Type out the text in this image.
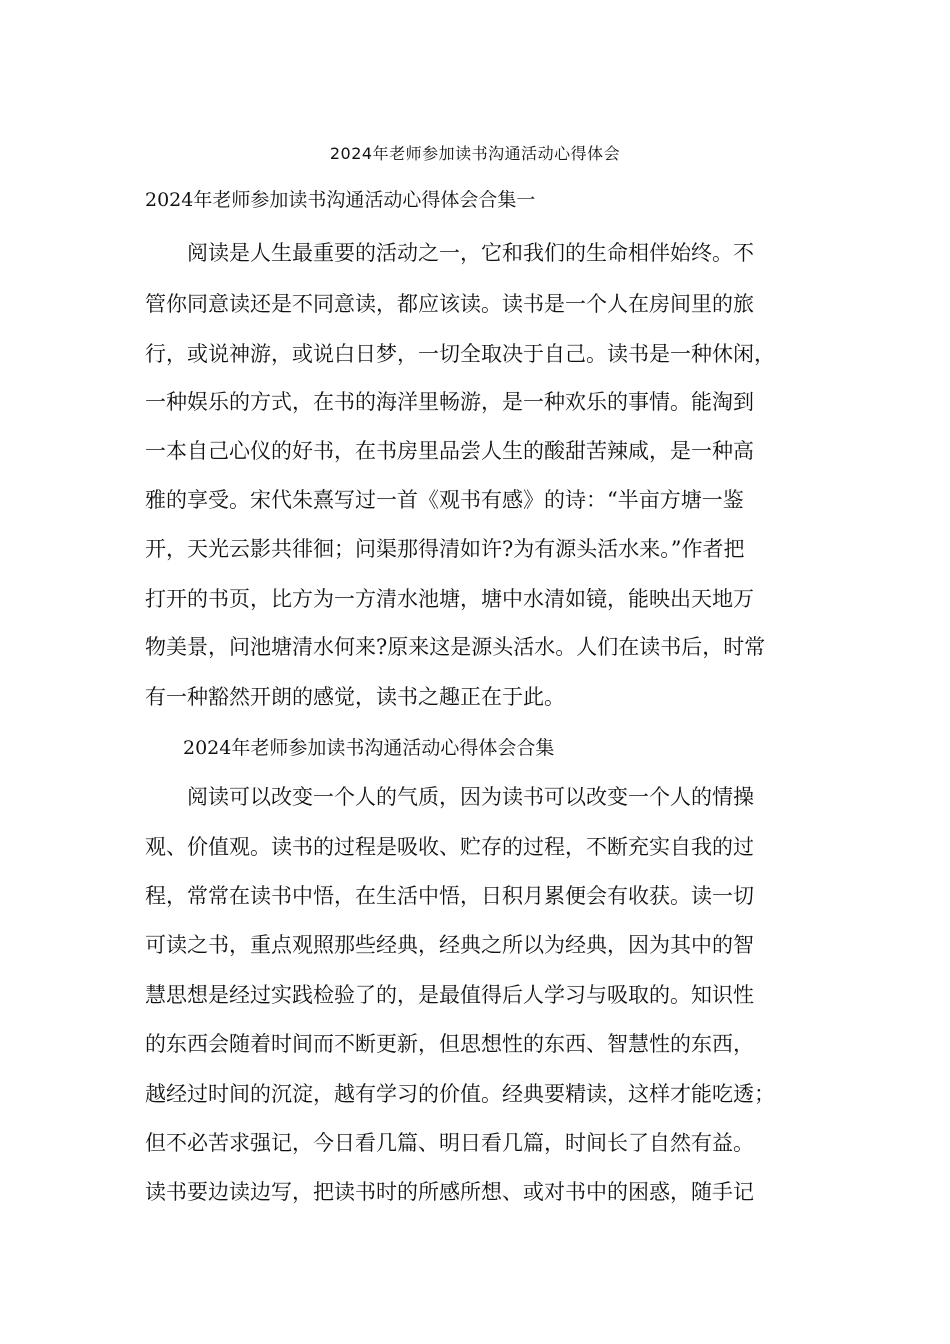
2024年老师参加读书沟通活动心得体会

2024年老师参加读书沟通活动心得体会合集一

　　阅读是人生最重要的活动之一，它和我们的生命相伴始终。不

管你同意读还是不同意读，都应该读。读书是一个人在房间里的旅

行，或说神游，或说白日梦，一切全取决于自己。读书是一种休闲，

一种娱乐的方式，在书的海洋里畅游，是一种欢乐的事情。能淘到

一本自己心仪的好书，在书房里品尝人生的酸甜苦辣咸，是一种高

雅的享受。宋代朱熹写过一首《观书有感》的诗：“半亩方塘一鉴

开，天光云影共徘徊；问渠那得清如许?为有源头活水来。”作者把

打开的书页，比方为一方清水池塘，塘中水清如镜，能映出天地万

物美景，问池塘清水何来?原来这是源头活水。人们在读书后，时常

有一种豁然开朗的感觉，读书之趣正在于此。

　　2024年老师参加读书沟通活动心得体会合集

　　阅读可以改变一个人的气质，因为读书可以改变一个人的情操

观、价值观。读书的过程是吸收、贮存的过程，不断充实自我的过

程，常常在读书中悟，在生活中悟，日积月累便会有收获。读一切

可读之书，重点观照那些经典，经典之所以为经典，因为其中的智

慧思想是经过实践检验了的，是最值得后人学习与吸取的。知识性

的东西会随着时间而不断更新，但思想性的东西、智慧性的东西，

越经过时间的沉淀，越有学习的价值。经典要精读，这样才能吃透；

但不必苦求强记，今日看几篇、明日看几篇，时间长了自然有益。

读书要边读边写，把读书时的所感所想、或对书中的困惑，随手记
